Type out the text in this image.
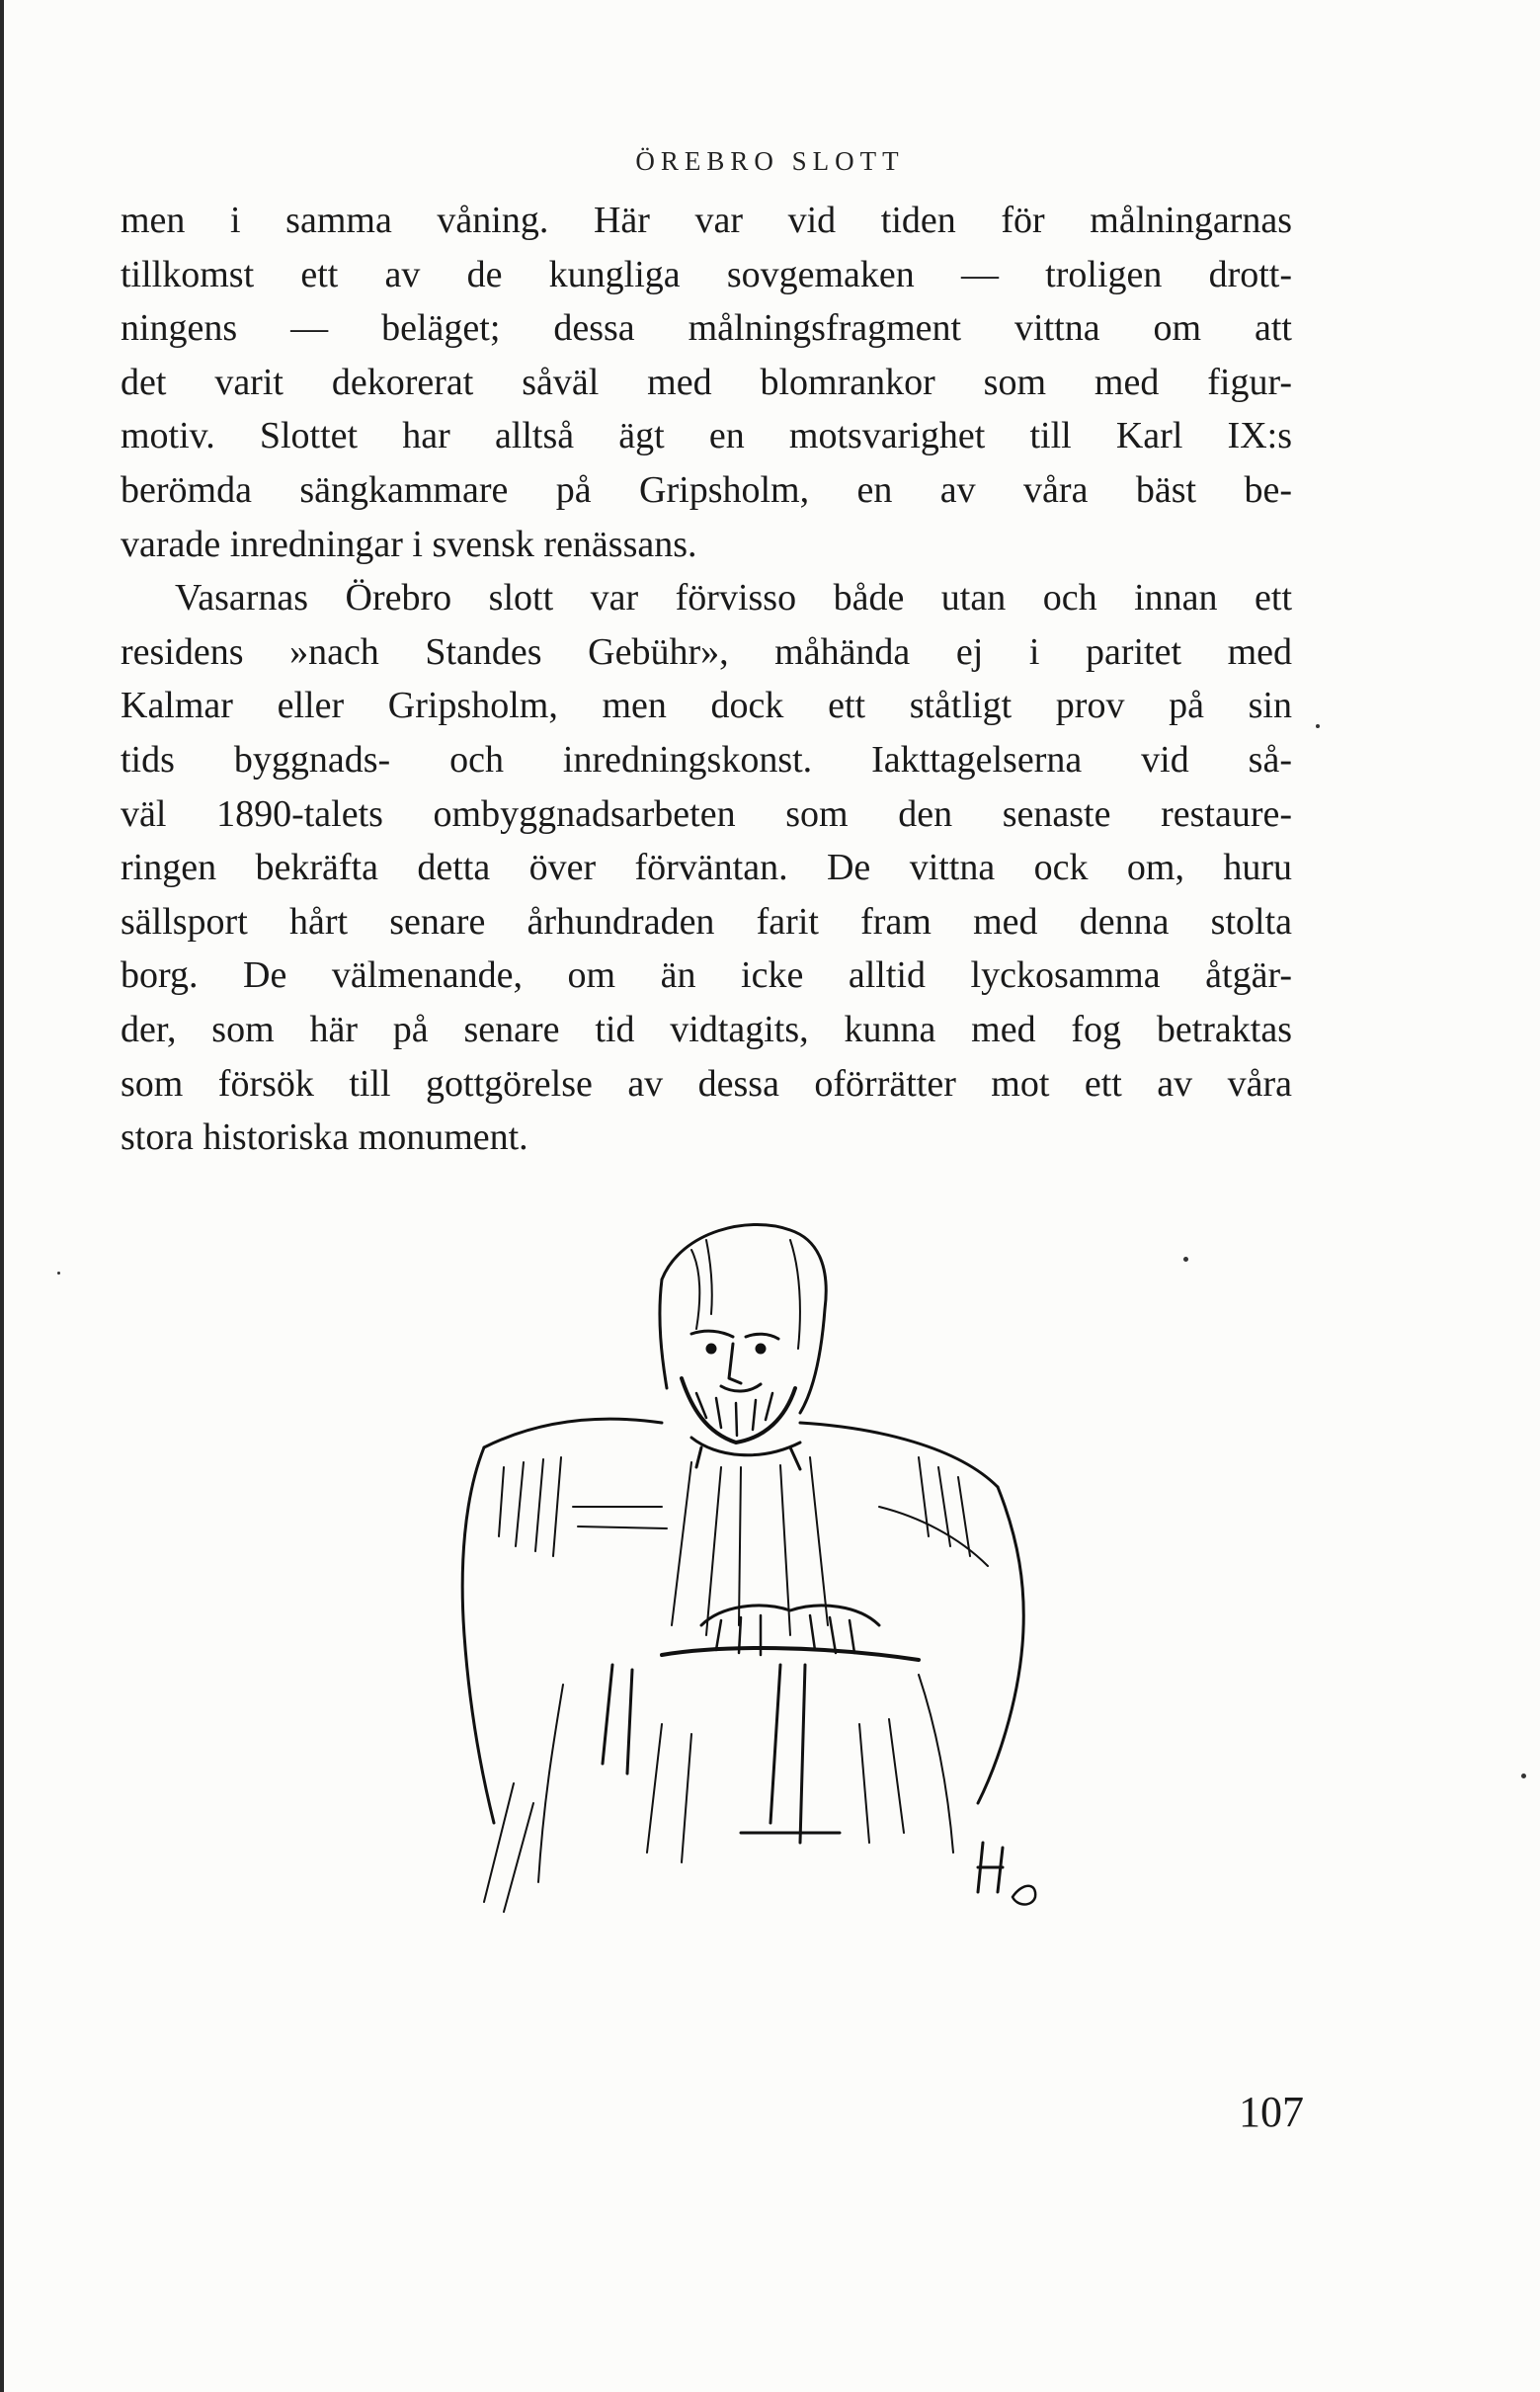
ÖREBRO SLOTT
men i samma våning. Här var vid tiden för målningarnas
tillkomst ett av de kungliga sovgemaken — troligen drott-
ningens — beläget; dessa målningsfragment vittna om att
det varit dekorerat såväl med blomrankor som med figur-
motiv. Slottet har alltså ägt en motsvarighet till Karl IX:s
berömda sängkammare på Gripsholm, en av våra bäst be-
varade inredningar i svensk renässans.
Vasarnas Örebro slott var förvisso både utan och innan ett
residens »nach Standes Gebühr», måhända ej i paritet med
Kalmar eller Gripsholm, men dock ett ståtligt prov på sin
tids byggnads- och inredningskonst. Iakttagelserna vid så-
väl 1890-talets ombyggnadsarbeten som den senaste restaure-
ringen bekräfta detta över förväntan. De vittna ock om, huru
sällsport hårt senare århundraden farit fram med denna stolta
borg. De välmenande, om än icke alltid lyckosamma åtgär-
der, som här på senare tid vidtagits, kunna med fog betraktas
som försök till gottgörelse av dessa oförrätter mot ett av våra
stora historiska monument.
107
